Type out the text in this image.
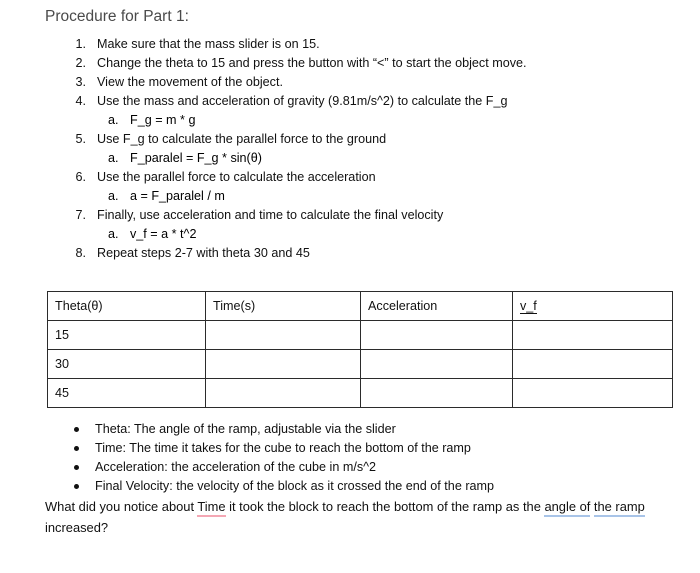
Procedure for Part 1:
1. Make sure that the mass slider is on 15.
2. Change the theta to 15 and press the button with “<” to start the object move.
3. View the movement of the object.
4. Use the mass and acceleration of gravity (9.81m/s^2) to calculate the F_g
a. F_g = m * g
5. Use F_g to calculate the parallel force to the ground
a. F_paralel = F_g * sin(θ)
6. Use the parallel force to calculate the acceleration
a. a = F_paralel / m
7. Finally, use acceleration and time to calculate the final velocity
a. v_f = a * t^2
8. Repeat steps 2-7 with theta 30 and 45
Theta(θ)	Time(s)	Acceleration	v_f
15			
30			
45			
Theta: The angle of the ramp, adjustable via the slider
Time: The time it takes for the cube to reach the bottom of the ramp
Acceleration: the acceleration of the cube in m/s^2
Final Velocity: the velocity of the block as it crossed the end of the ramp
What did you notice about Time it took the block to reach the bottom of the ramp as the angle of the ramp increased?
